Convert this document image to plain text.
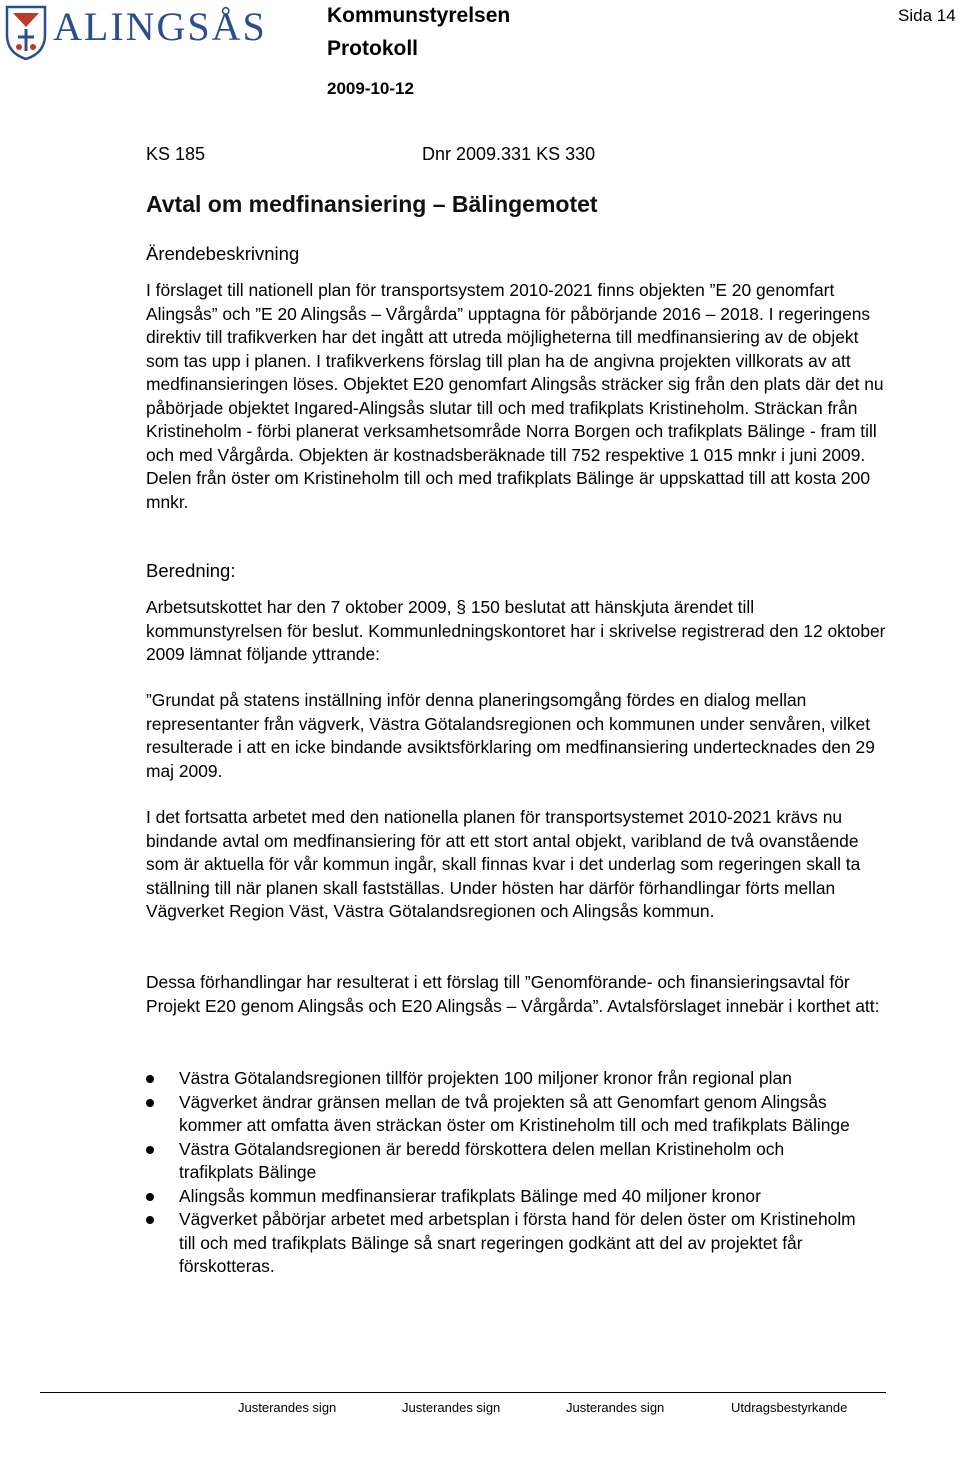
ALINGSÅS	Kommunstyrelsen
Protokoll
2009-10-12
Sida 14
KS 185	Dnr 2009.331 KS 330
Avtal om medfinansiering – Bälingemotet
Ärendebeskrivning

I förslaget till nationell plan för transportsystem 2010-2021 finns objekten ”E 20 genomfart Alingsås” och ”E 20 Alingsås – Vårgårda” upptagna för påbörjande 2016 – 2018. I regeringens direktiv till trafikverken har det ingått att utreda möjligheterna till medfinansiering av de objekt som tas upp i planen. I trafikverkens förslag till plan ha de angivna projekten villkorats av att medfinansieringen löses. Objektet E20 genomfart Alingsås sträcker sig från den plats där det nu påbörjade objektet Ingared-Alingsås slutar till och med trafikplats Kristineholm. Sträckan från Kristineholm - förbi planerat verksamhetsområde Norra Borgen och trafikplats Bälinge - fram till och med Vårgårda. Objekten är kostnadsberäknade till 752 respektive 1 015 mnkr i juni 2009. Delen från öster om Kristineholm till och med trafikplats Bälinge är uppskattad till att kosta 200 mnkr.

Beredning:

Arbetsutskottet har den 7 oktober 2009, § 150 beslutat att hänskjuta ärendet till kommunstyrelsen för beslut. Kommunledningskontoret har i skrivelse registrerad den 12 oktober 2009 lämnat följande yttrande:

”Grundat på statens inställning inför denna planeringsomgång fördes en dialog mellan representanter från vägverk, Västra Götalandsregionen och kommunen under senvåren, vilket resulterade i att en icke bindande avsiktsförklaring om medfinansiering undertecknades den 29 maj 2009.

I det fortsatta arbetet med den nationella planen för transportsystemet 2010-2021 krävs nu bindande avtal om medfinansiering för att ett stort antal objekt, varibland de två ovanstående som är aktuella för vår kommun ingår, skall finnas kvar i det underlag som regeringen skall ta ställning till när planen skall fastställas. Under hösten har därför förhandlingar förts mellan Vägverket Region Väst, Västra Götalandsregionen och Alingsås kommun.

Dessa förhandlingar har resulterat i ett förslag till ”Genomförande- och finansieringsavtal för Projekt E20 genom Alingsås och E20 Alingsås – Vårgårda”. Avtalsförslaget innebär i korthet att:

Västra Götalandsregionen tillför projekten 100 miljoner kronor från regional plan
Vägverket ändrar gränsen mellan de två projekten så att Genomfart genom Alingsås kommer att omfatta även sträckan öster om Kristineholm till och med trafikplats Bälinge
Västra Götalandsregionen är beredd förskottera delen mellan Kristineholm och trafikplats Bälinge
Alingsås kommun medfinansierar trafikplats Bälinge med 40 miljoner kronor
Vägverket påbörjar arbetet med arbetsplan i första hand för delen öster om Kristineholm till och med trafikplats Bälinge så snart regeringen godkänt att del av projektet får förskotteras.
Justerandes sign	Justerandes sign	Justerandes sign	Utdragsbestyrkande
